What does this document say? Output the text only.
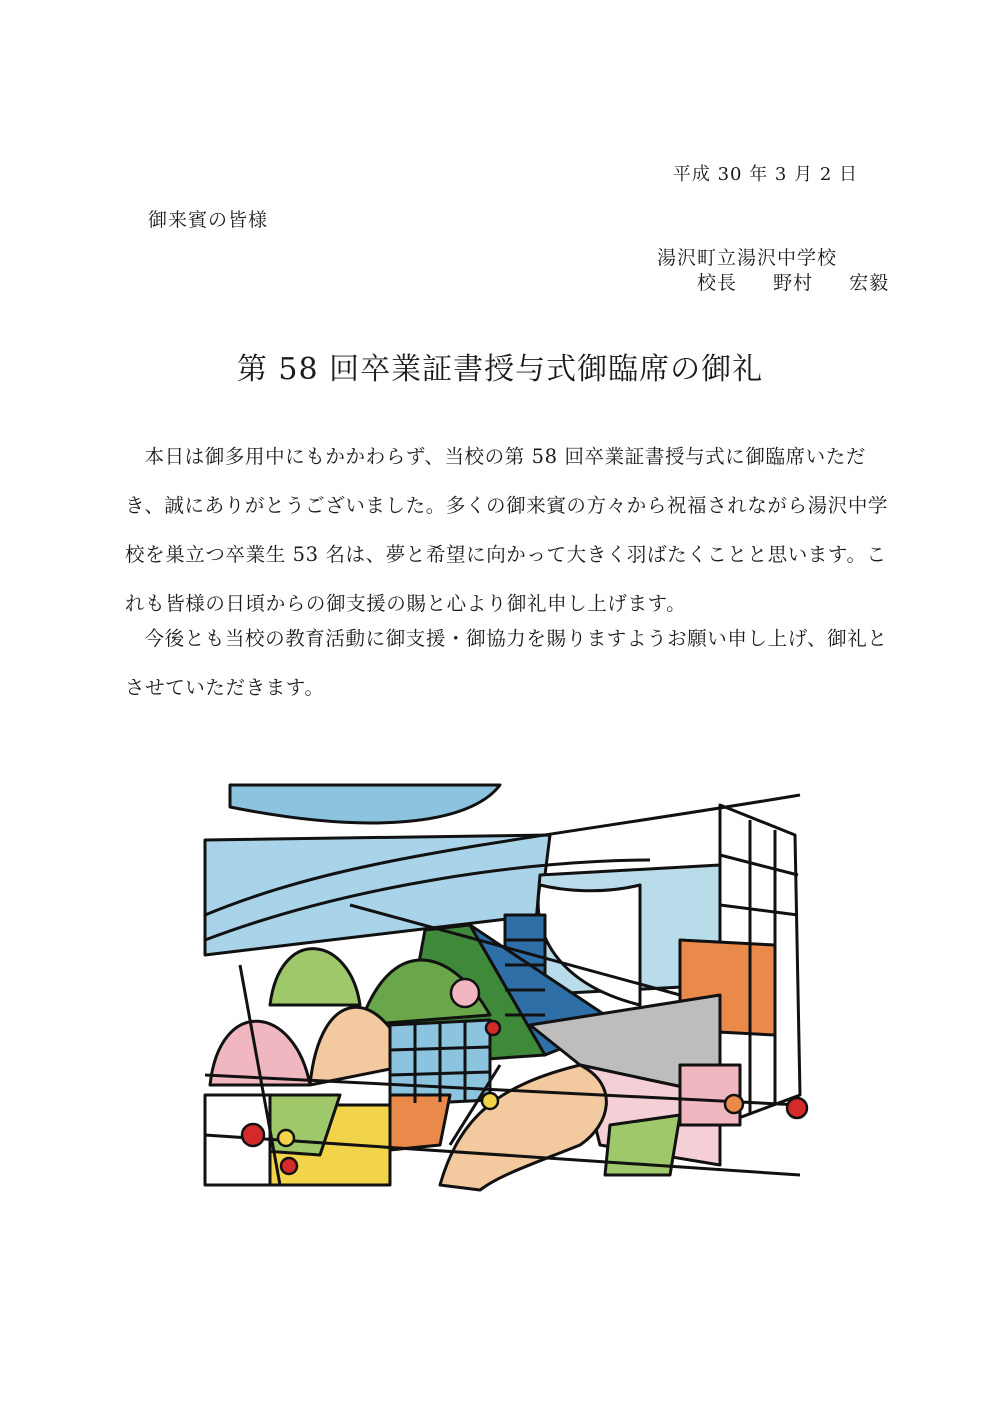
平成 30 年 3 月 2 日
御来賓の皆様
湯沢町立湯沢中学校
校長 野村 宏毅
第 58 回卒業証書授与式御臨席の御礼

本日は御多用中にもかかわらず、当校の第 58 回卒業証書授与式に御臨席いただき、誠にありがとうございました。多くの御来賓の方々から祝福されながら湯沢中学校を巣立つ卒業生 53 名は、夢と希望に向かって大きく羽ばたくことと思います。これも皆様の日頃からの御支援の賜と心より御礼申し上げます。

今後とも当校の教育活動に御支援・御協力を賜りますようお願い申し上げ、御礼とさせていただきます。
